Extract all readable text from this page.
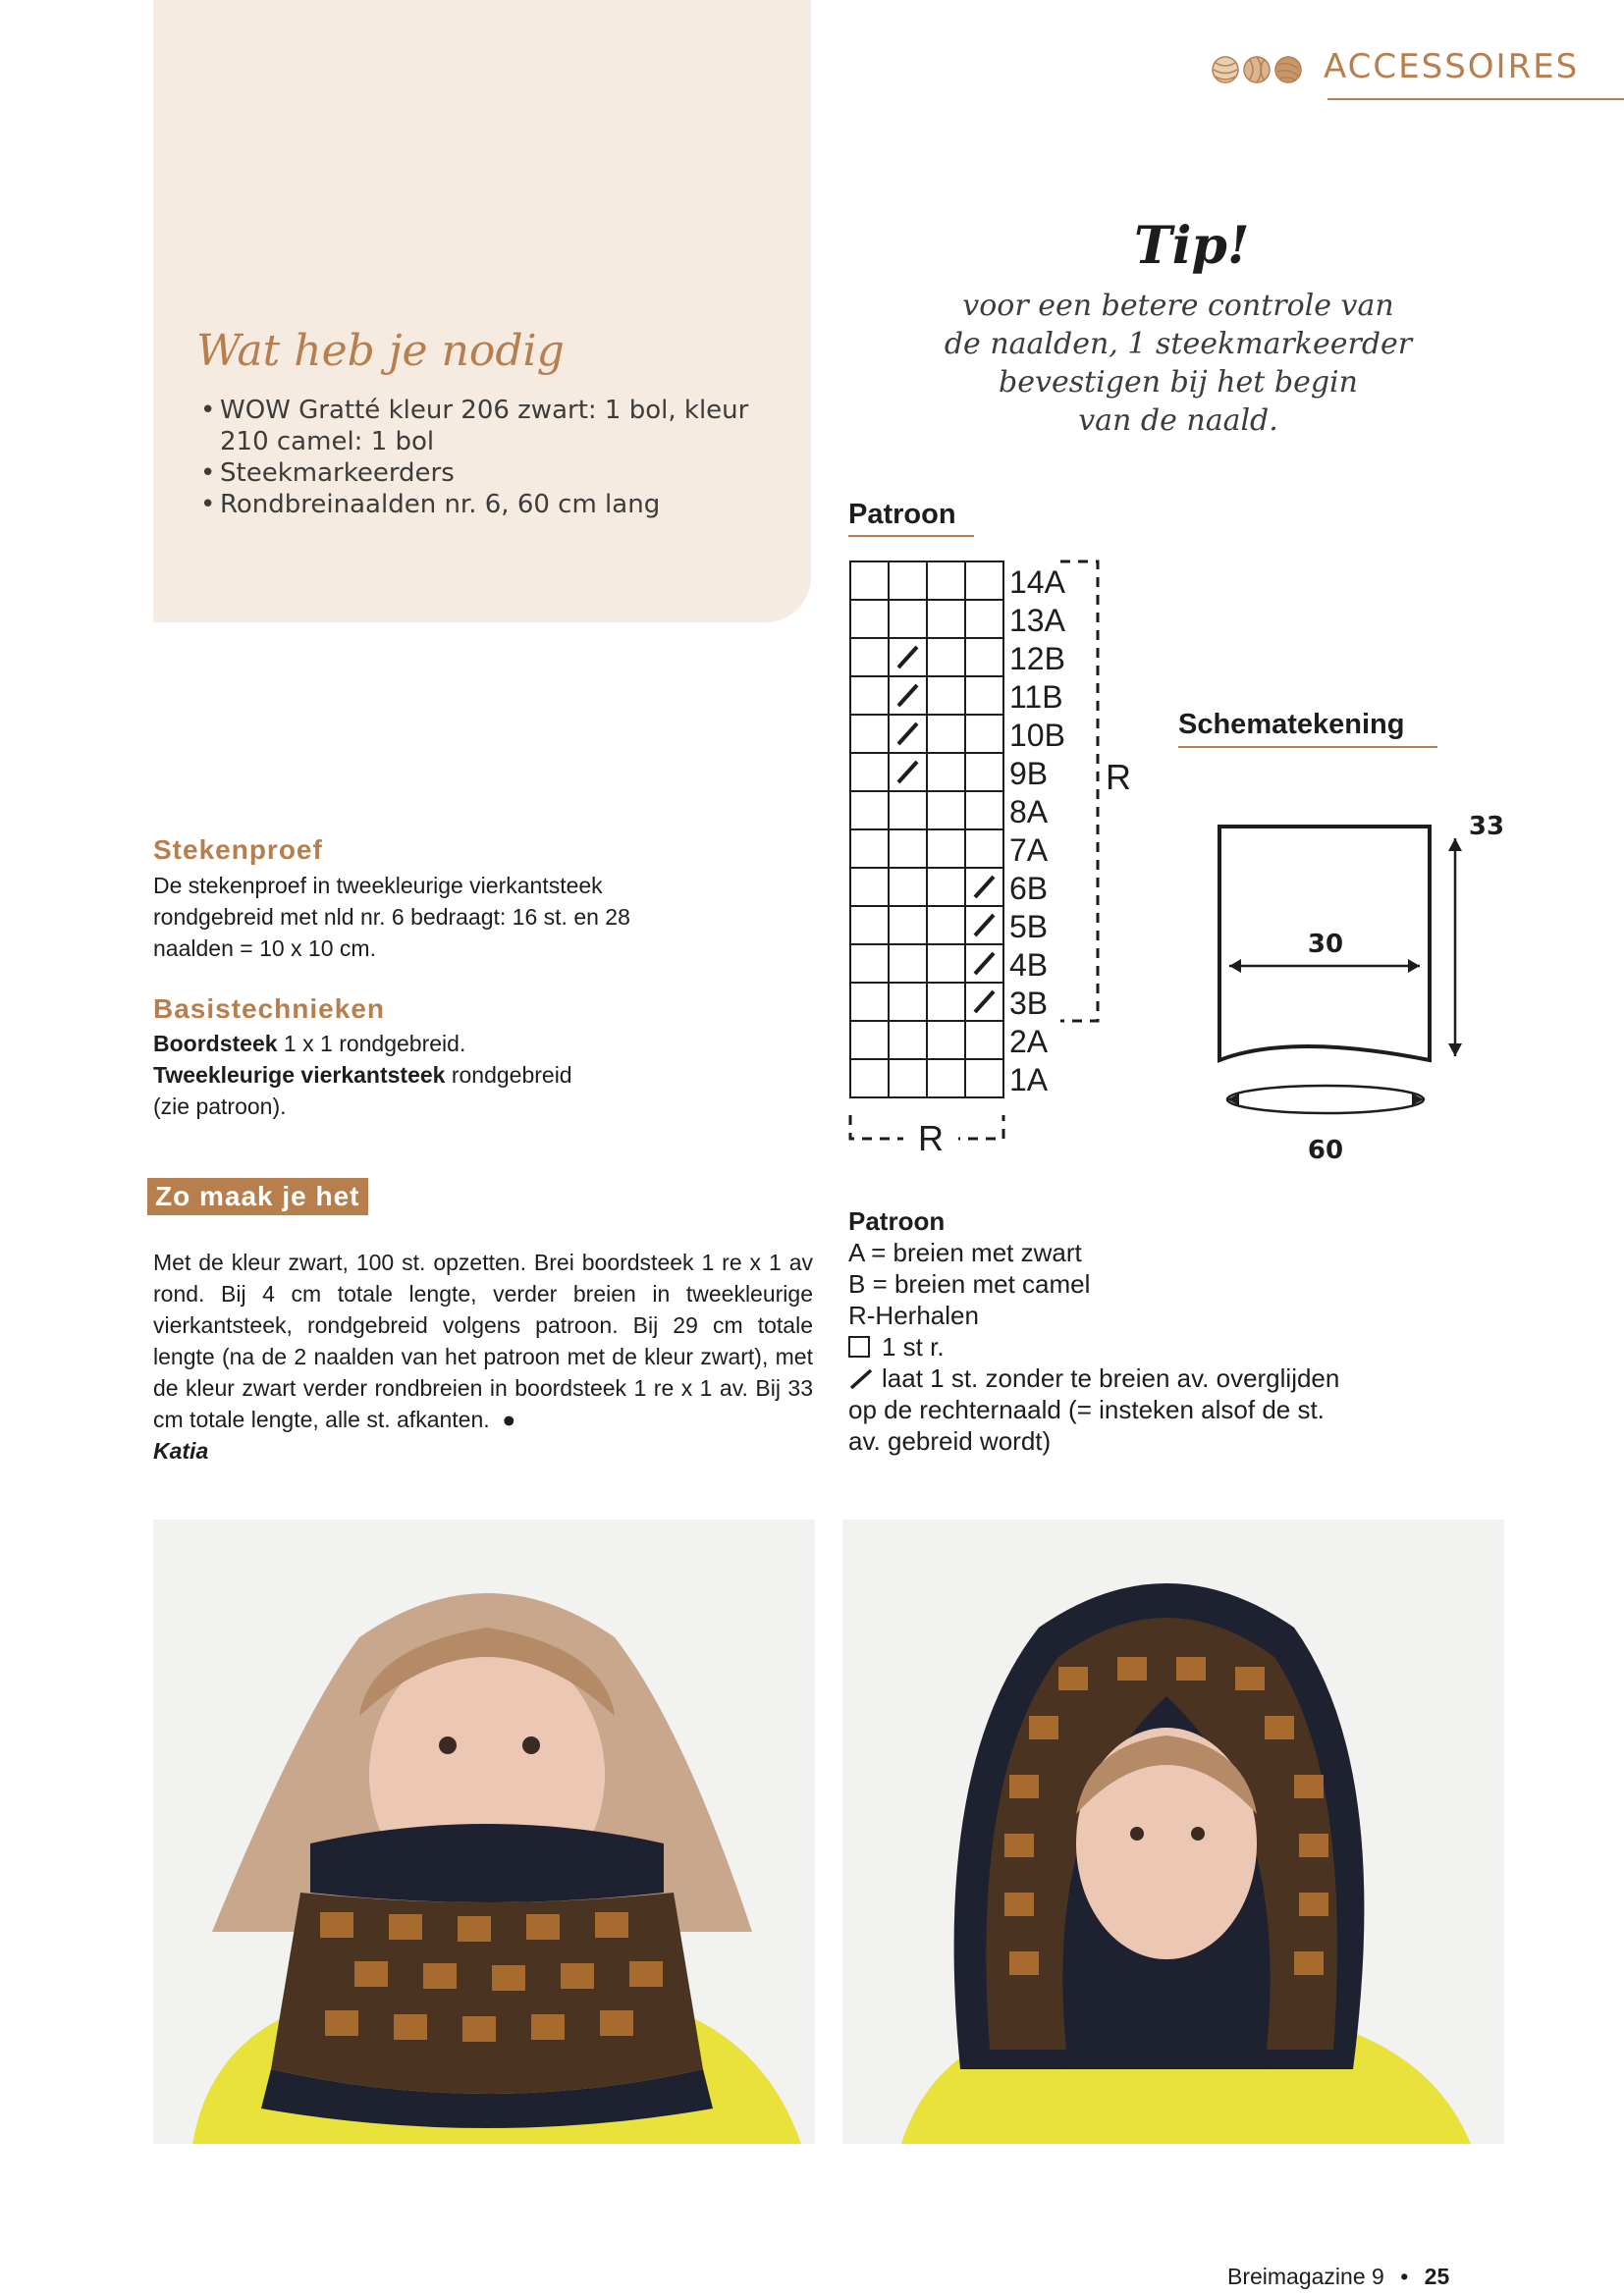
ACCESSOIRES
Wat heb je nodig
• WOW Gratté kleur 206 zwart: 1 bol, kleur 210 camel: 1 bol
• Steekmarkeerders
• Rondbreinaalden nr. 6, 60 cm lang
Tip!
voor een betere controle van
de naalden, 1 steekmarkeerder
bevestigen bij het begin
van de naald.
Patroon
14A
13A
12B
11B
10B
9B
8A
7A
6B
5B
4B
3B
2A
1A
R
R
Schematekening
30
33
60
Stekenproef
De stekenproef in tweekleurige vierkantsteek rondgebreid met nld nr. 6 bedraagt: 16 st. en 28 naalden = 10 x 10 cm.
Basistechnieken
Boordsteek 1 x 1 rondgebreid.
Tweekleurige vierkantsteek rondgebreid
(zie patroon).
Zo maak je het
Met de kleur zwart, 100 st. opzetten. Brei boordsteek 1 re x 1 av rond. Bij 4 cm totale lengte, verder breien in tweekleurige vierkantsteek, rondgebreid volgens patroon. Bij 29 cm totale lengte (na de 2 naalden van het patroon met de kleur zwart), met de kleur zwart verder rondbreien in boordsteek 1 re x 1 av. Bij 33 cm totale lengte, alle st. afkanten.  ●
Katia
Patroon
A = breien met zwart
B = breien met camel
R-Herhalen
1 st r.
laat 1 st. zonder te breien av. overglijden op de rechternaald (= insteken alsof de st. av. gebreid wordt)
Breimagazine 9 • 25
